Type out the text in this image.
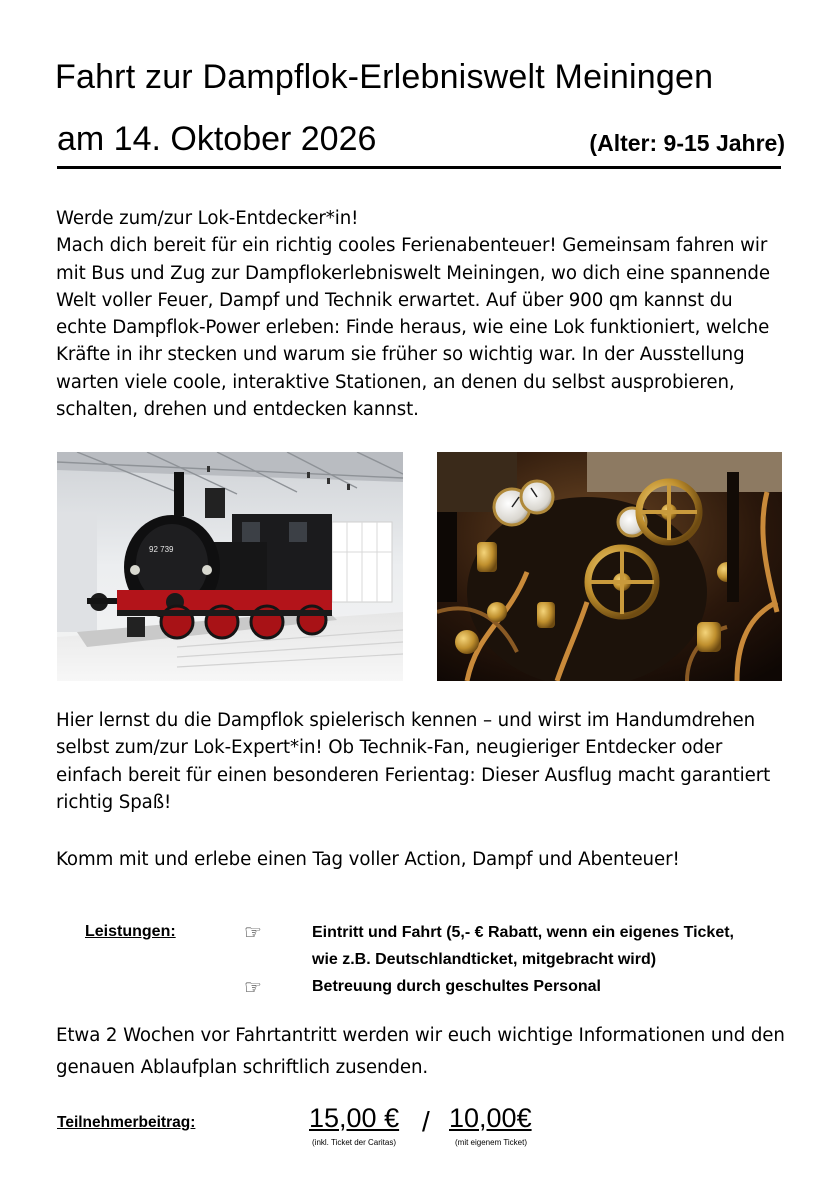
Fahrt zur Dampflok-Erlebniswelt Meiningen
am 14. Oktober 2026	(Alter: 9-15 Jahre)

Werde zum/zur Lok-Entdecker*in!

Mach dich bereit für ein richtig cooles Ferienabenteuer! Gemeinsam fahren wir mit Bus und Zug zur Dampflokerlebniswelt Meiningen, wo dich eine spannende Welt voller Feuer, Dampf und Technik erwartet. Auf über 900 qm kannst du echte Dampflok-Power erleben: Finde heraus, wie eine Lok funktioniert, welche Kräfte in ihr stecken und warum sie früher so wichtig war. In der Ausstellung warten viele coole, interaktive Stationen, an denen du selbst ausprobieren, schalten, drehen und entdecken kannst.

92 739

Hier lernst du die Dampflok spielerisch kennen – und wirst im Handumdrehen selbst zum/zur Lok-Expert*in! Ob Technik-Fan, neugieriger Entdecker oder einfach bereit für einen besonderen Ferientag: Dieser Ausflug macht garantiert richtig Spaß!

Komm mit und erlebe einen Tag voller Action, Dampf und Abenteuer!

Leistungen:	☞	Eintritt und Fahrt (5,- € Rabatt, wenn ein eigenes Ticket,
wie z.B. Deutschlandticket, mitgebracht wird)
☞	Betreuung durch geschultes Personal

Etwa 2 Wochen vor Fahrtantritt werden wir euch wichtige Informationen und den genauen Ablaufplan schriftlich zusenden.

Teilnehmerbeitrag:	15,00 €
(inkl. Ticket der Caritas)
/ 10,00€
(mit eigenem Ticket)
